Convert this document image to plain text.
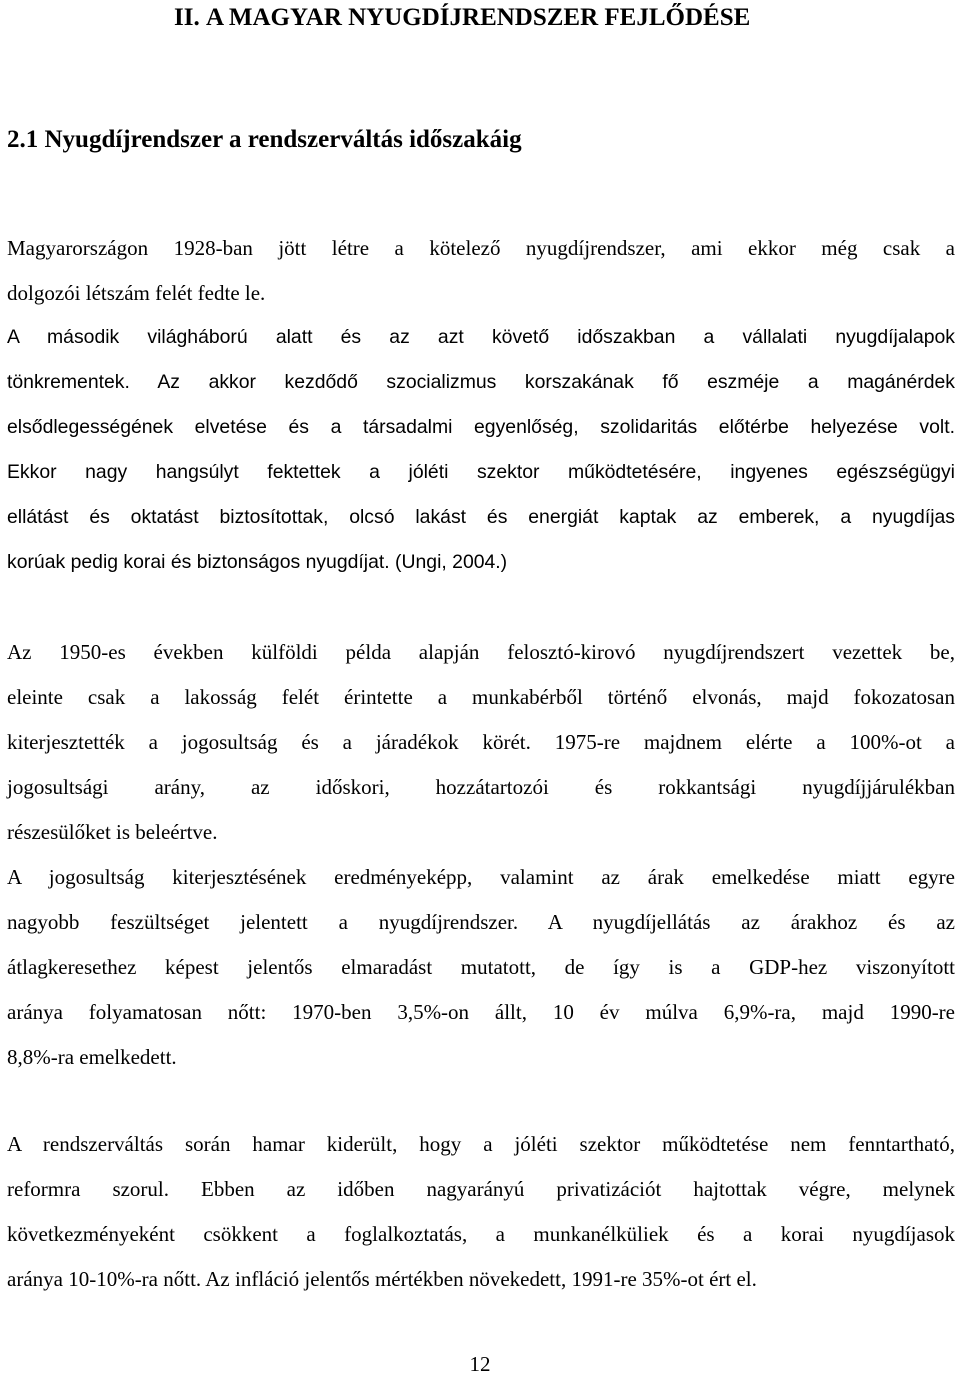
II. A MAGYAR NYUGDÍJRENDSZER FEJLŐDÉSE
2.1 Nyugdíjrendszer a rendszerváltás időszakáig

Magyarországon 1928-ban jött létre a kötelező nyugdíjrendszer, ami ekkor még csak a
dolgozói létszám felét fedte le.

A második világháború alatt és az azt követő időszakban a vállalati nyugdíjalapok
tönkrementek. Az akkor kezdődő szocializmus korszakának fő eszméje a magánérdek
elsődlegességének elvetése és a társadalmi egyenlőség, szolidaritás előtérbe helyezése volt.
Ekkor nagy hangsúlyt fektettek a jóléti szektor működtetésére, ingyenes egészségügyi
ellátást és oktatást biztosítottak, olcsó lakást és energiát kaptak az emberek, a nyugdíjas
korúak pedig korai és biztonságos nyugdíjat. (Ungi, 2004.)

Az 1950-es években külföldi példa alapján felosztó-kirovó nyugdíjrendszert vezettek be,
eleinte csak a lakosság felét érintette a munkabérből történő elvonás, majd fokozatosan
kiterjesztették a jogosultság és a járadékok körét. 1975-re majdnem elérte a 100%-ot a
jogosultsági arány, az időskori, hozzátartozói és rokkantsági nyugdíjjárulékban
részesülőket is beleértve.

A jogosultság kiterjesztésének eredményeképp, valamint az árak emelkedése miatt egyre
nagyobb feszültséget jelentett a nyugdíjrendszer. A nyugdíjellátás az árakhoz és az
átlagkeresethez képest jelentős elmaradást mutatott, de így is a GDP-hez viszonyított
aránya folyamatosan nőtt: 1970-ben 3,5%-on állt, 10 év múlva 6,9%-ra, majd 1990-re
8,8%-ra emelkedett.

A rendszerváltás során hamar kiderült, hogy a jóléti szektor működtetése nem fenntartható,
reformra szorul. Ebben az időben nagyarányú privatizációt hajtottak végre, melynek
következményeként csökkent a foglalkoztatás, a munkanélküliek és a korai nyugdíjasok
aránya 10-10%-ra nőtt. Az infláció jelentős mértékben növekedett, 1991-re 35%-ot ért el.

12
